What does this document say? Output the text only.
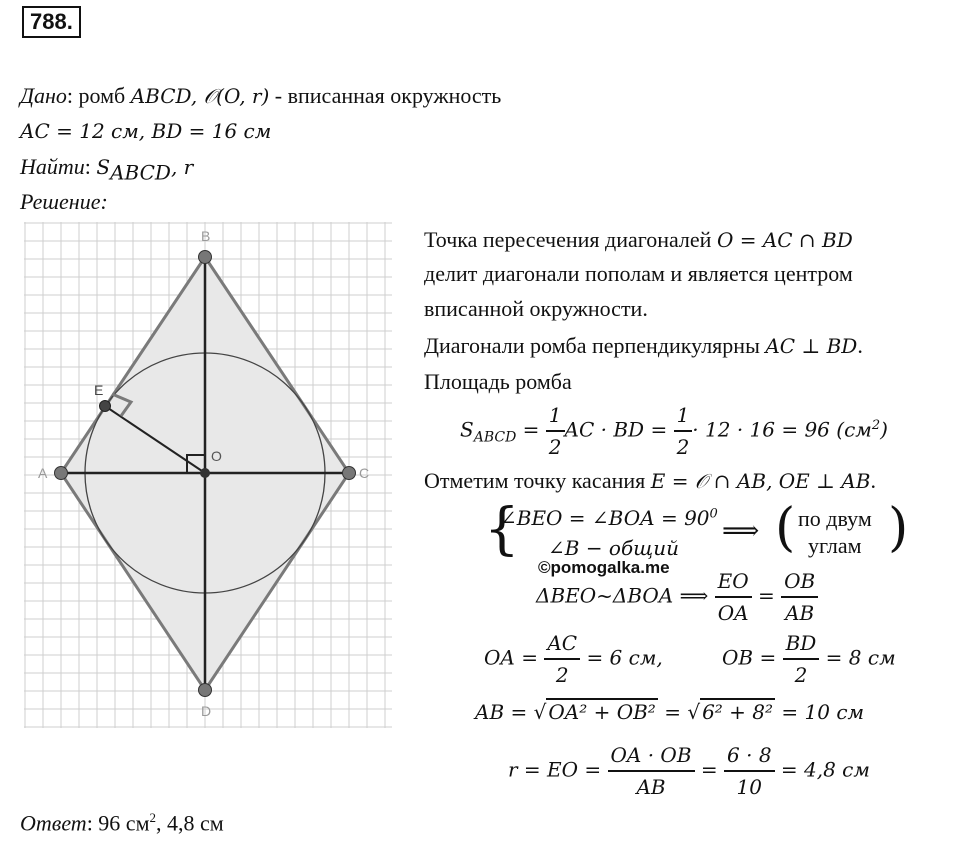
788.
Дано: ромб ABCD, 𝒪(O, r) - вписанная окружность
AC = 12 см, BD = 16 см
Найти: $S_{ABCD}$, r
Решение:
A
B
C
D
O
E
Точка пересечения диагоналей O = AC ∩ BD
делит диагонали пополам и является центром
вписанной окружности.
Диагонали ромба перпендикулярны AC ⊥ BD.
Площадь ромба
$S_{ABCD} = \frac{1}{2}$ AC · BD = $\frac{1}{2} \cdot 12 \cdot 16 = 96$ $(см^2)$
Отметим точку касания E = 𝒪 ∩ AB, OE ⊥ AB.
{
∠BEO = ∠BOA = $90^0$
∠B − общий
⟹ ( по двум
углам )
©pomogalka.me
ΔBEO~ΔBOA ⟹ $\frac{EO}{OA} = \frac{OB}{AB}$
OA = $\frac{AC}{2} = 6$ см,	OB = $\frac{BD}{2} = 8$ см
AB = √ OA² + OB² = √ 6² + 8² = 10 см
r = EO = $\frac{OA \cdot OB}{AB} = \frac{6 \cdot 8}{10} = 4,8$ см
Ответ: 96 $см^2$, 4,8 см
